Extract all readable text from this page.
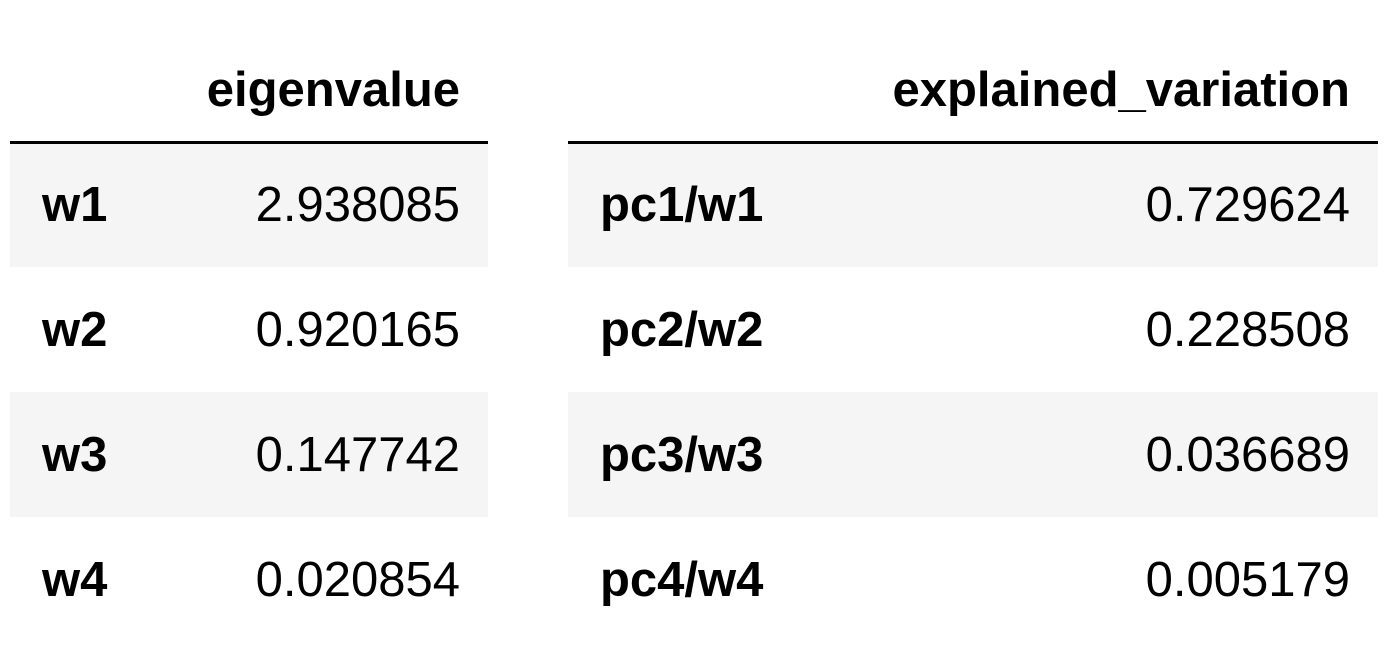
	eigenvalue
w1	2.938085
w2	0.920165
w3	0.147742
w4	0.020854
	explained_variation
pc1/w1	0.729624
pc2/w2	0.228508
pc3/w3	0.036689
pc4/w4	0.005179
